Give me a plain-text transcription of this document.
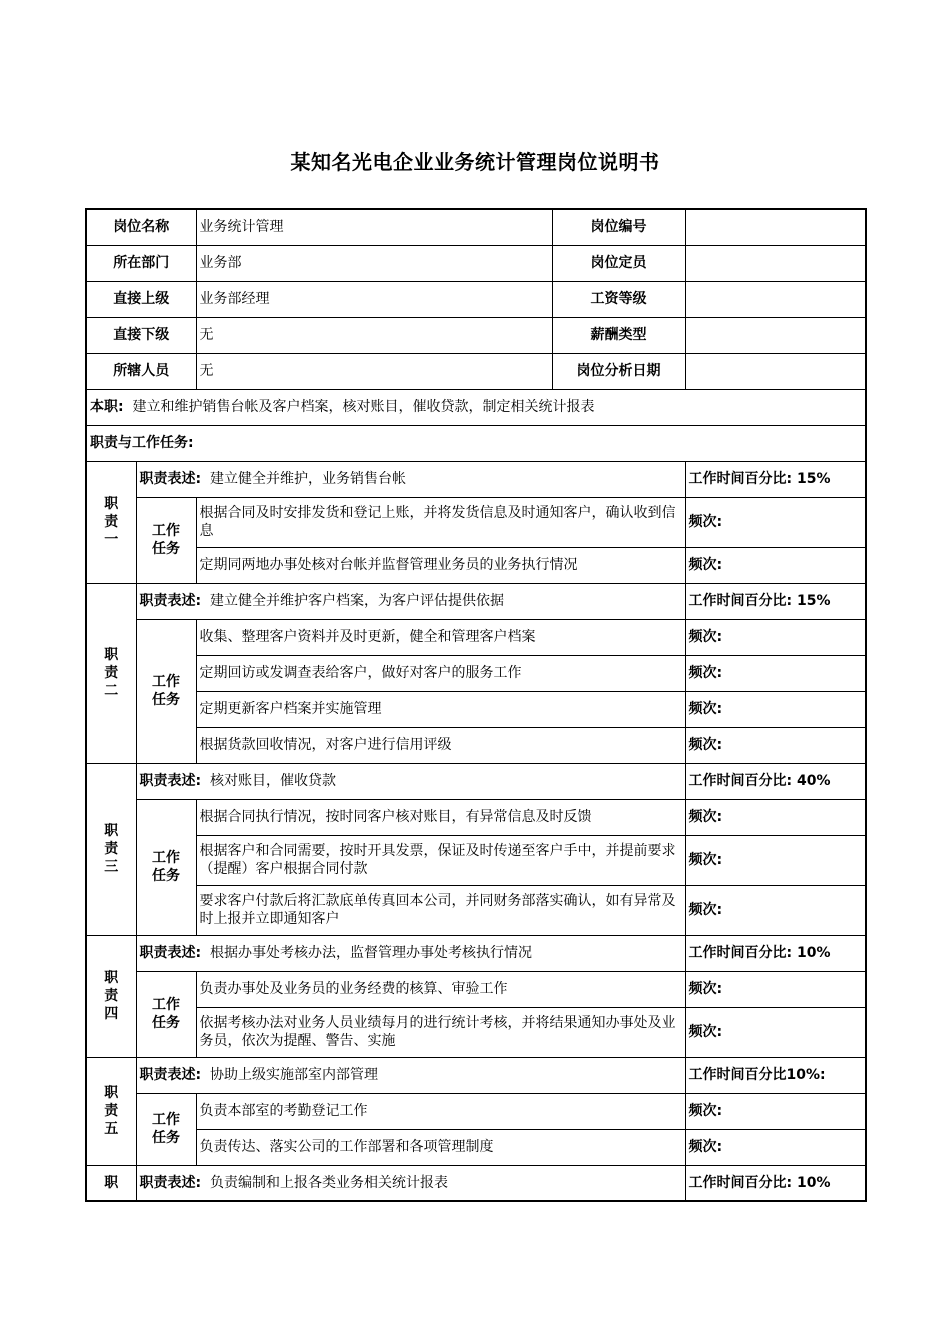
某知名光电企业业务统计管理岗位说明书
岗位名称		业务统计管理	岗位编号	
所在部门		业务部	岗位定员	
直接上级		业务部经理	工资等级	
直接下级		无	薪酬类型	
所辖人员		无	岗位分析日期	
本职: 建立和维护销售台帐及客户档案，核对账目，催收贷款，制定相关统计报表				
职责与工作任务:				

职
责
一	职责表述: 建立健全并维护，业务销售台帐			工作时间百分比: 15%

	工作
任务	根据合同及时安排发货和登记上账，并将发货信息及时通知客户，确认收到信息		频次:
		定期同两地办事处核对台帐并监督管理业务员的业务执行情况		频次:

职
责
二	职责表述: 建立健全并维护客户档案，为客户评估提供依据			工作时间百分比: 15%

	工作
任务	收集、整理客户资料并及时更新，健全和管理客户档案		频次:
		定期回访或发调查表给客户，做好对客户的服务工作		频次:
		定期更新客户档案并实施管理		频次:
		根据货款回收情况，对客户进行信用评级		频次:

职
责
三	职责表述: 核对账目，催收贷款			工作时间百分比: 40%

	工作
任务	根据合同执行情况，按时同客户核对账目，有异常信息及时反馈		频次:
		根据客户和合同需要，按时开具发票，保证及时传递至客户手中，并提前要求（提醒）客户根据合同付款		频次:
		要求客户付款后将汇款底单传真回本公司，并同财务部落实确认，如有异常及时上报并立即通知客户		频次:

职
责
四	职责表述: 根据办事处考核办法，监督管理办事处考核执行情况			工作时间百分比: 10%

	工作
任务	负责办事处及业务员的业务经费的核算、审验工作		频次:
		依据考核办法对业务人员业绩每月的进行统计考核，并将结果通知办事处及业务员，依次为提醒、警告、实施		频次:

职
责
五	职责表述: 协助上级实施部室内部管理			工作时间百分比10%:

	工作
任务	负责本部室的考勤登记工作		频次:
		负责传达、落实公司的工作部署和各项管理制度		频次:

职	职责表述: 负责编制和上报各类业务相关统计报表			工作时间百分比: 10%
